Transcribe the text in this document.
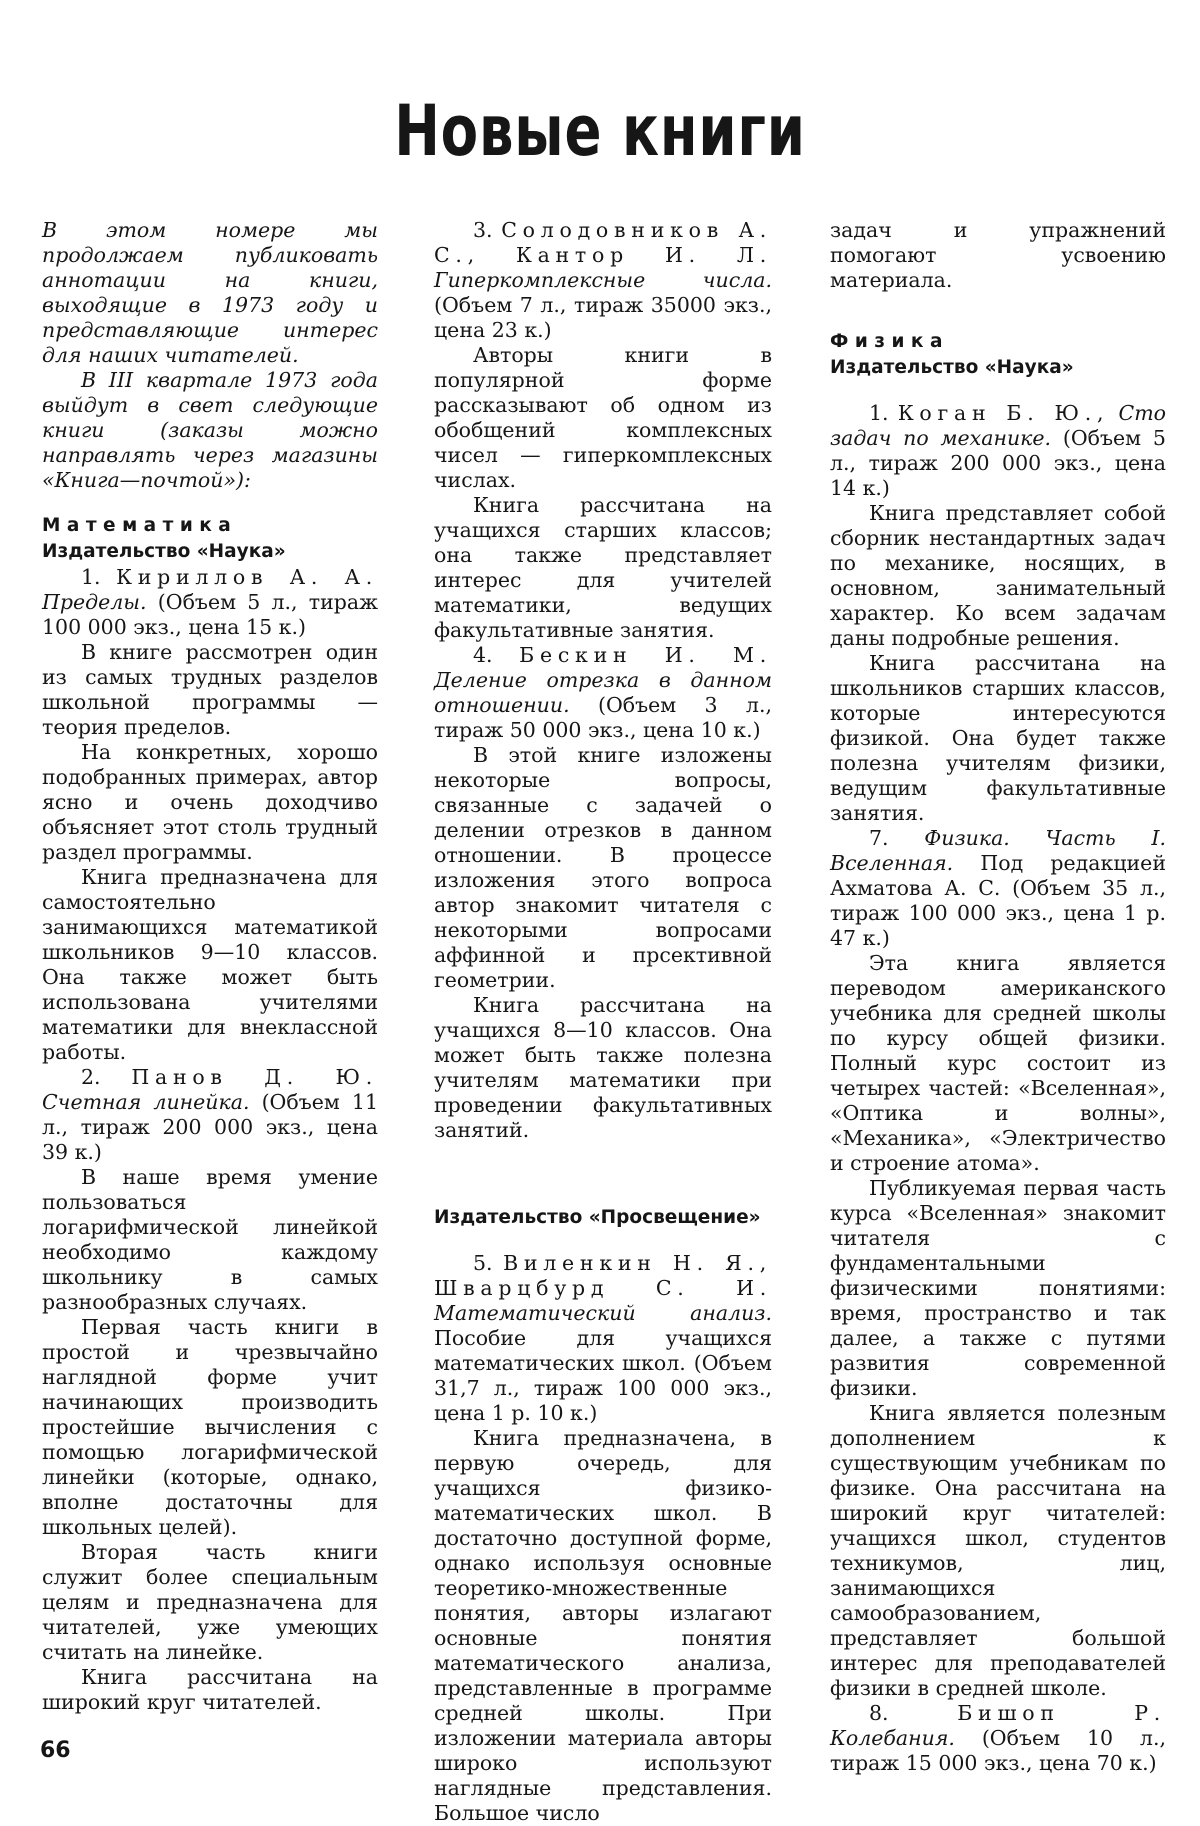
Новые книги

В этом номере мы продолжаем публиковать аннотации на книги, выходящие в 1973 году и представляющие интерес для наших читателей.

В III квартале 1973 года выйдут в свет следующие книги (заказы можно направлять через магазины «Книга—почтой»):

Математика

Издательство «Наука»

1. Кириллов А. А. Пределы. (Объем 5 л., тираж 100 000 экз., цена 15 к.)

В книге рассмотрен один из самых трудных разделов школьной программы — теория пределов.

На конкретных, хорошо подобранных примерах, автор ясно и очень доходчиво объясняет этот столь трудный раздел программы.

Книга предназначена для самостоятельно занимающихся математикой школьников 9—10 классов. Она также может быть использована учителями математики для внеклассной работы.

2. Панов Д. Ю. Счетная линейка. (Объем 11 л., тираж 200 000 экз., цена 39 к.)

В наше время умение пользоваться логарифмической линейкой необходимо каждому школьнику в самых разнообразных случаях.

Первая часть книги в простой и чрезвычайно наглядной форме учит начинающих производить простейшие вычисления с помощью логарифмической линейки (которые, однако, вполне достаточны для школьных целей).

Вторая часть книги служит более специальным целям и предназначена для читателей, уже умеющих считать на линейке.

Книга рассчитана на широкий круг читателей.

3. Солодовников А. С., Кантор И. Л. Гиперкомплексные числа. (Объем 7 л., тираж 35000 экз., цена 23 к.)

Авторы книги в популярной форме рассказывают об одном из обобщений комплексных чисел — гиперкомплексных числах.

Книга рассчитана на учащихся старших классов; она также представляет интерес для учителей математики, ведущих факультативные занятия.

4. Бескин И. М. Деление отрезка в данном отношении. (Объем 3 л., тираж 50 000 экз., цена 10 к.)

В этой книге изложены некоторые вопросы, связанные с задачей о делении отрезков в данном отношении. В процессе изложения этого вопроса автор знакомит читателя с некоторыми вопросами аффинной и прсективной геометрии.

Книга рассчитана на учащихся 8—10 классов. Она может быть также полезна учителям математики при проведении факультативных занятий.

Издательство «Просвещение»

5. Виленкин Н. Я., Шварцбурд С. И. Математический анализ. Пособие для учащихся математических школ. (Объем 31,7 л., тираж 100 000 экз., цена 1 р. 10 к.)

Книга предназначена, в первую очередь, для учащихся физико-математических школ. В достаточно доступной форме, однако используя основные теоретико-множественные понятия, авторы излагают основные понятия математического анализа, представленные в программе средней школы. При изложении материала авторы широко используют наглядные представления. Большое число

задач и упражнений помогают усвоению материала.

Физика

Издательство «Наука»

1. Коган Б. Ю., Сто задач по механике. (Объем 5 л., тираж 200 000 экз., цена 14 к.)

Книга представляет собой сборник нестандартных задач по механике, носящих, в основном, занимательный характер. Ко всем задачам даны подробные решения.

Книга рассчитана на школьников старших классов, которые интересуются физикой. Она будет также полезна учителям физики, ведущим факультативные занятия.

7. Физика. Часть I. Вселенная. Под редакцией Ахматова А. С. (Объем 35 л., тираж 100 000 экз., цена 1 р. 47 к.)

Эта книга является переводом американского учебника для средней школы по курсу общей физики. Полный курс состоит из четырех частей: «Вселенная», «Оптика и волны», «Механика», «Электричество и строение атома».

Публикуемая первая часть курса «Вселенная» знакомит читателя с фундаментальными физическими понятиями: время, пространство и так далее, а также с путями развития современной физики.

Книга является полезным дополнением к существующим учебникам по физике. Она рассчитана на широкий круг читателей: учащихся школ, студентов техникумов, лиц, занимающихся самообразованием, представляет большой интерес для преподавателей физики в средней школе.

8.	Бишоп Р. Колебания. (Объем 10 л., тираж 15 000 экз., цена 70 к.)

66
